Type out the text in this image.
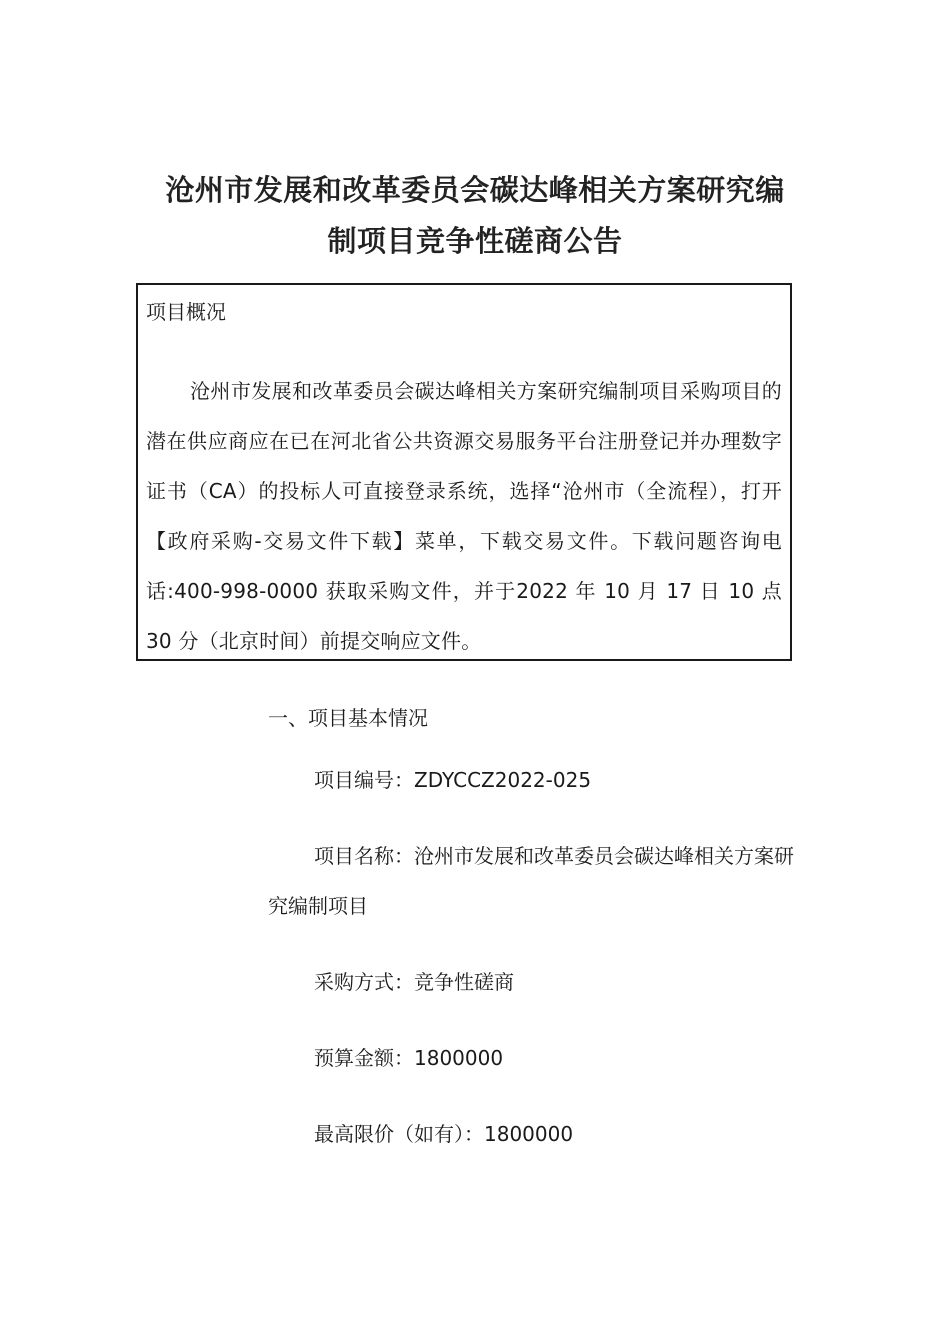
沧州市发展和改革委员会碳达峰相关方案研究编
制项目竞争性磋商公告

项目概况

沧州市发展和改革委员会碳达峰相关方案研究编制项目采购项目的潜在供应商应在已在河北省公共资源交易服务平台注册登记并办理数字证书（CA）的投标人可直接登录系统，选择“沧州市（全流程），打开【政府采购-交易文件下载】菜单，下载交易文件。下载问题咨询电话:400-998-0000 获取采购文件，并于2022 年 10 月 17 日 10 点 30 分（北京时间）前提交响应文件。

一、项目基本情况

项目编号：ZDYCCZ2022-025

项目名称：沧州市发展和改革委员会碳达峰相关方案研究编制项目

采购方式：竞争性磋商

预算金额：1800000

最高限价（如有）：1800000
